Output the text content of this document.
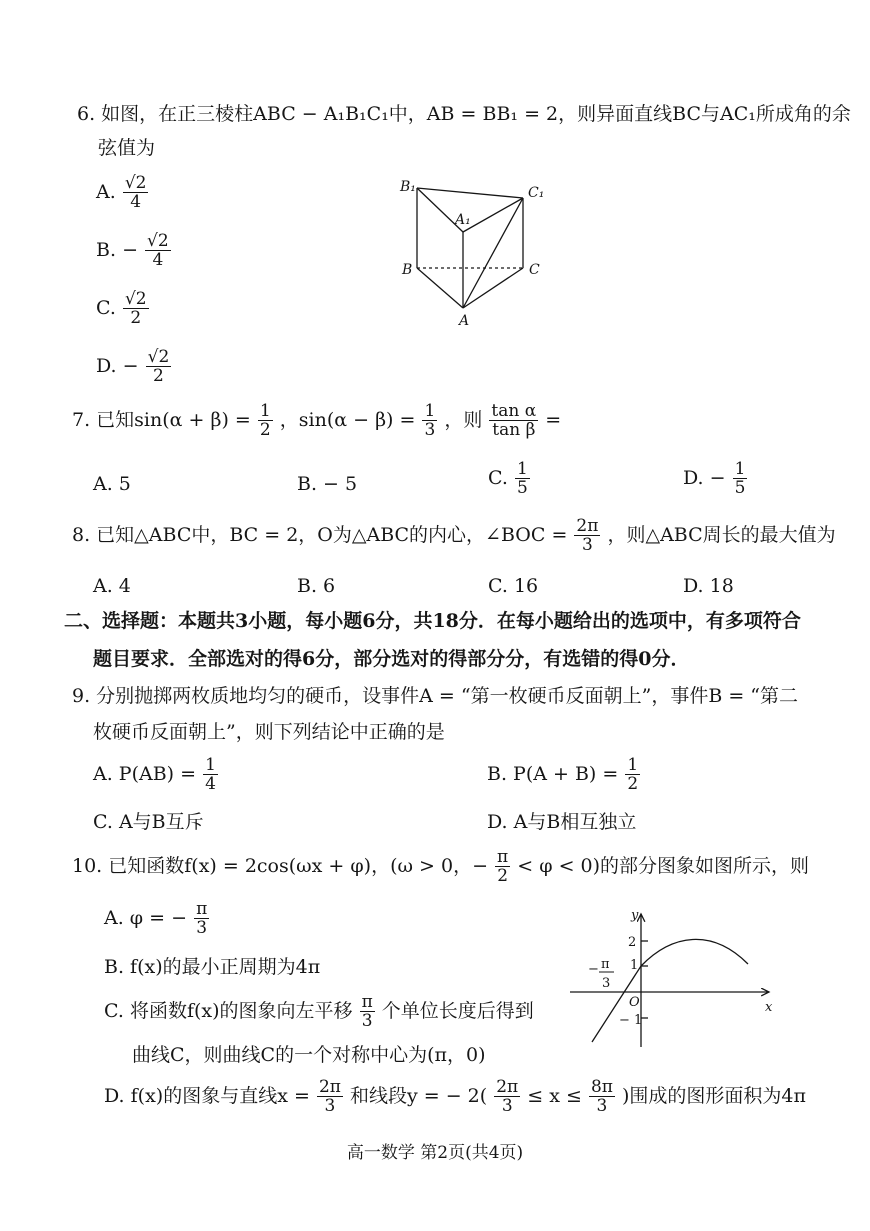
6. 如图，在正三棱柱ABC − A₁B₁C₁中，AB = BB₁ = 2，则异面直线BC与AC₁所成角的余
弦值为
A. $\frac{√2}{4}$
B. − $\frac{√2}{4}$
C. $\frac{√2}{2}$
D. − $\frac{√2}{2}$
B₁	C₁
A₁
B	C
A
7. 已知$\sin(\alpha + \beta) = \frac{1}{2}$ ，$\sin(\alpha - \beta) = \frac{1}{3}$ ，则 $\frac{\text{tan α}}{\text{tan β}}$ =
A. 5	B. − 5	C. $\frac{1}{5}$	D. − $\frac{1}{5}$
8. 已知△ABC中，BC = 2，O为△ABC的内心，∠BOC = $\frac{2\pi}{3}$ ，则△ABC周长的最大值为
A. 4	B. 6	C. 16	D. 18
二、选择题：本题共3小题，每小题6分，共18分．在每小题给出的选项中，有多项符合
题目要求．全部选对的得6分，部分选对的得部分分，有选错的得0分．
9. 分别抛掷两枚质地均匀的硬币，设事件A = “第一枚硬币反面朝上”，事件B = “第二
枚硬币反面朝上”，则下列结论中正确的是
A. $P(AB) = \frac{1}{4}$	B. $P(A + B) = \frac{1}{2}$
C. A与B互斥	D. A与B相互独立
10. 已知函数f(x) = 2cos(ωx + φ)，(ω > 0，− $\frac{\pi}{2} < \varphi < 0$)的部分图象如图所示，则
A. φ = − $\frac{\pi}{3}$
B. f(x)的最小正周期为4π
C. 将函数f(x)的图象向左平移 $\frac{\pi}{3}$ 个单位长度后得到
曲线C，则曲线C的一个对称中心为(π，0)
D. f(x)的图象与直线$x = \frac{2\pi}{3}$ 和线段y = − $2( \frac{2\pi}{3} \le x \le \frac{8\pi}{3}$ )围成的图形面积为4π
y
x
O
2
1
− 1
− π
3
高一数学 第2页(共4页)
